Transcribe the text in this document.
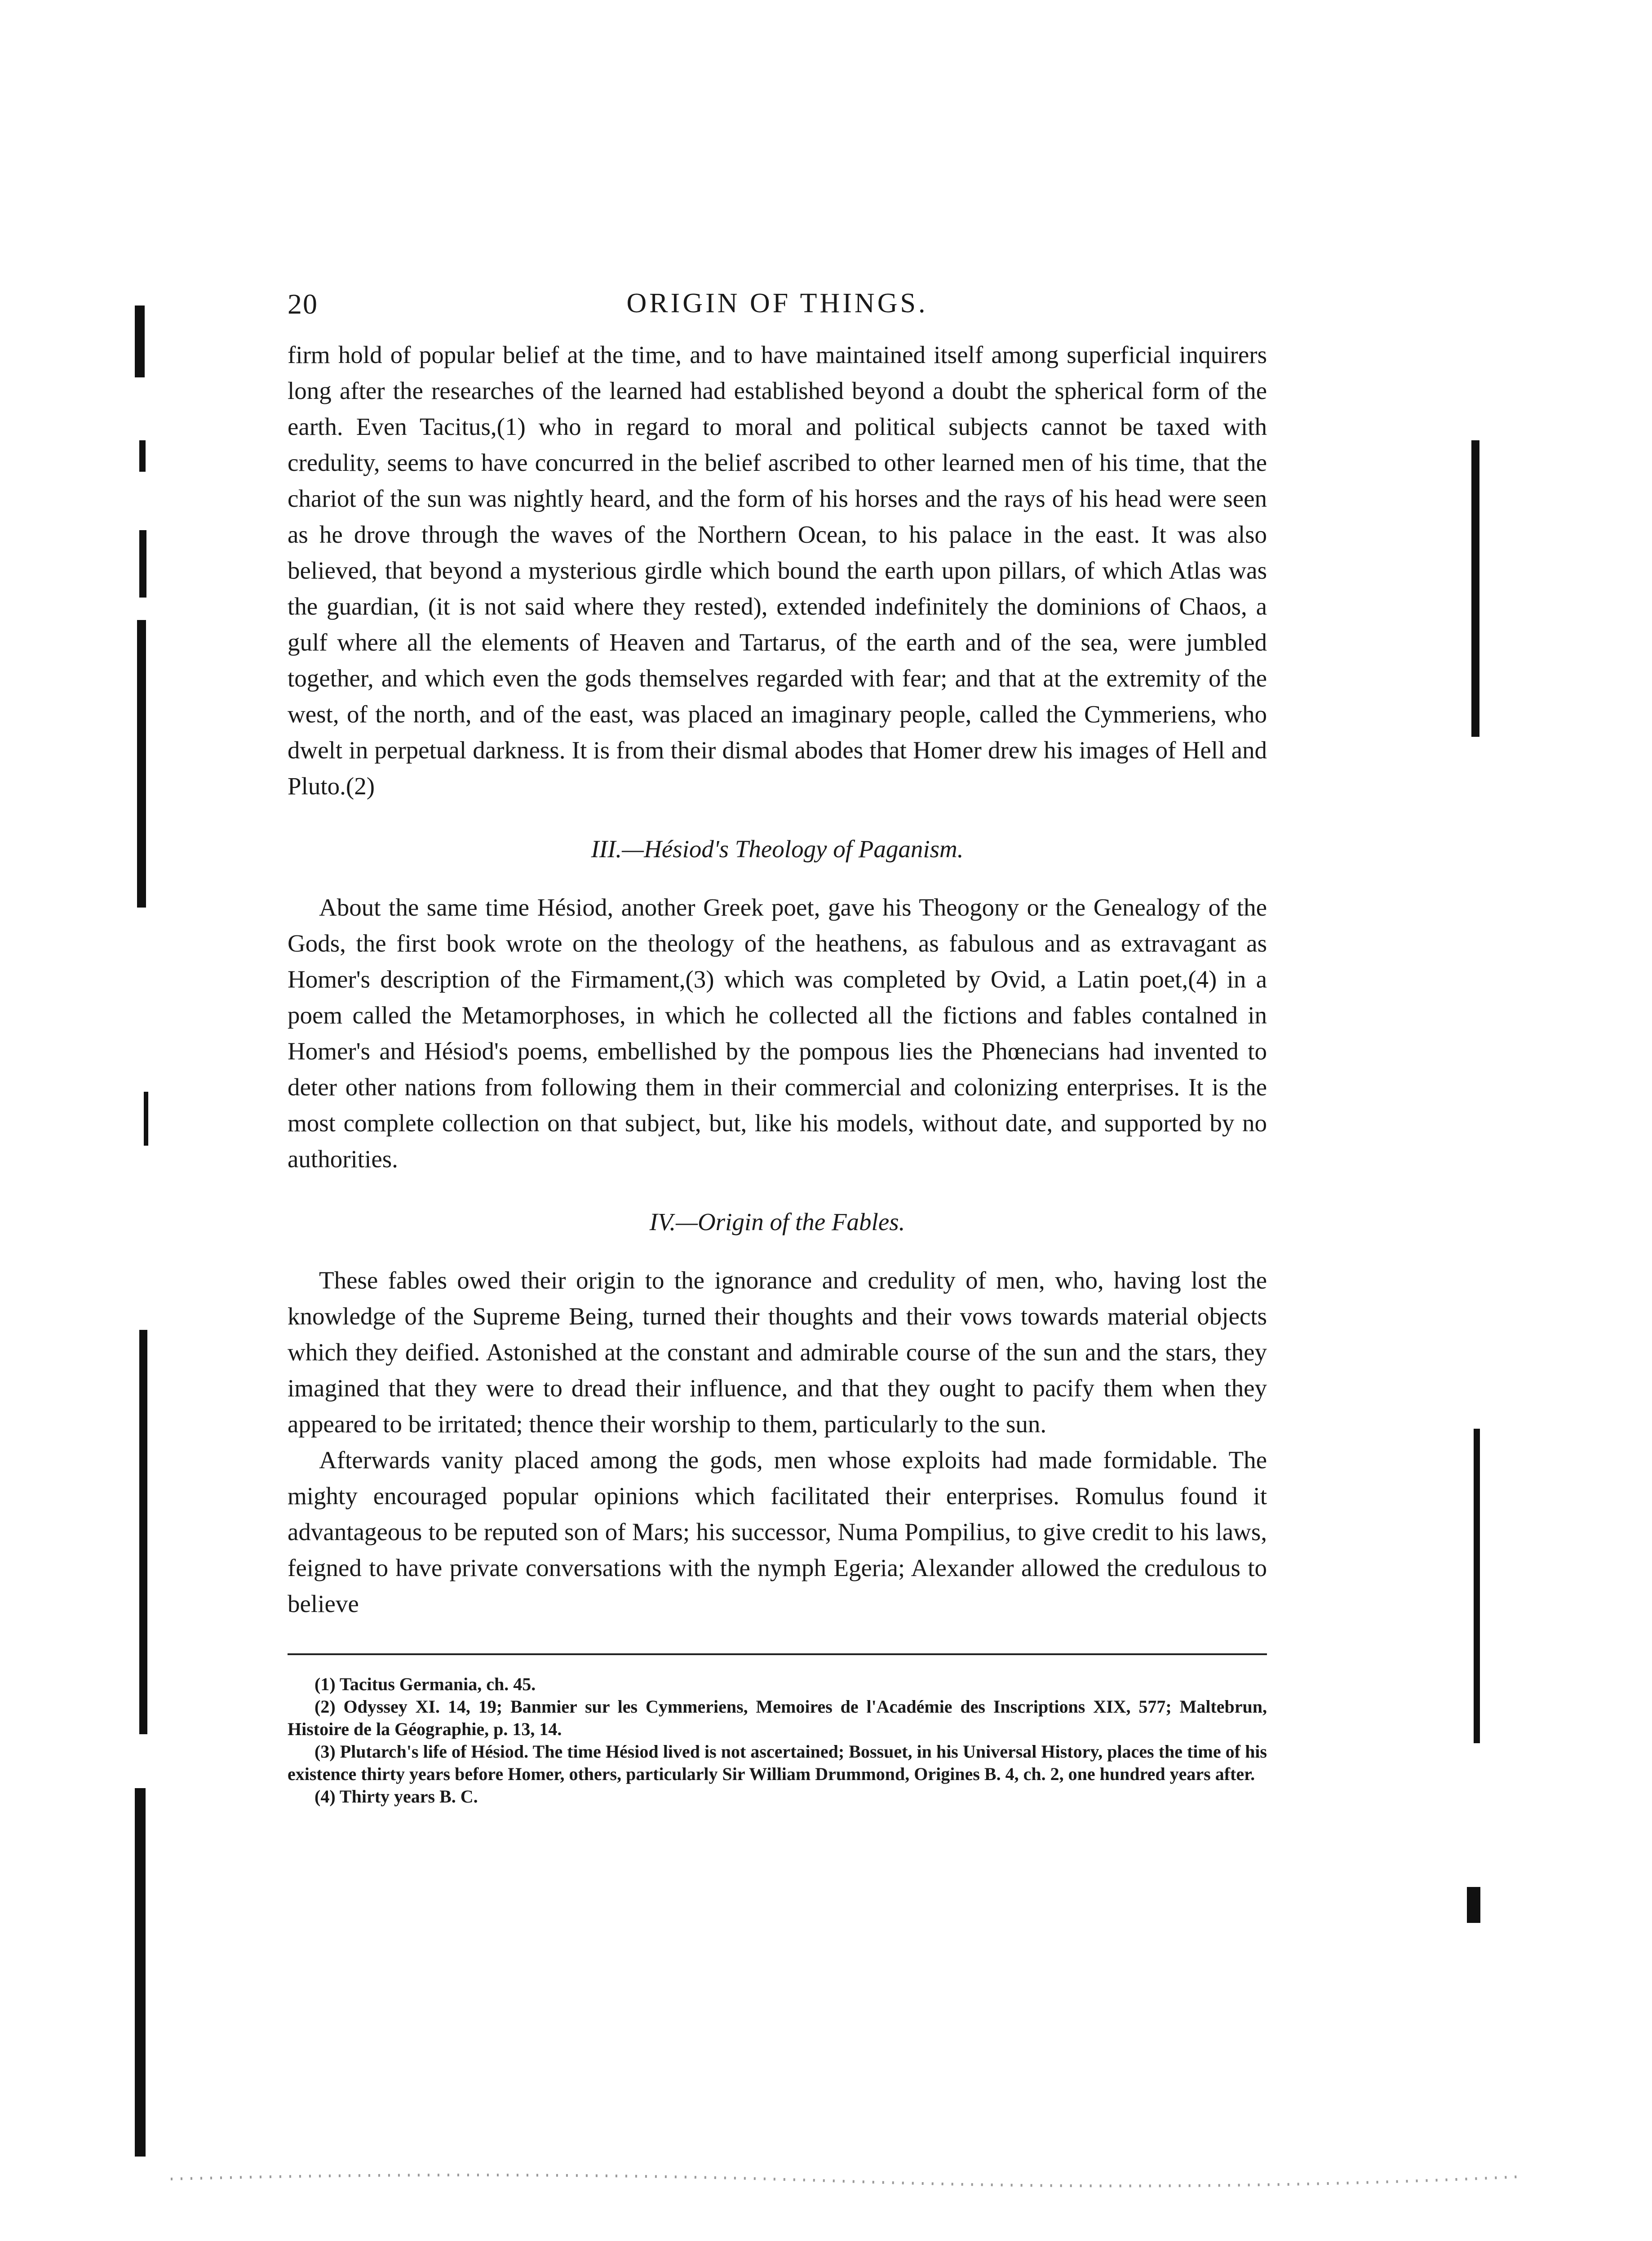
20	ORIGIN OF THINGS.

firm hold of popular belief at the time, and to have maintained itself among superficial inquirers long after the researches of the learned had established beyond a doubt the spherical form of the earth. Even Tacitus,(1) who in regard to moral and political subjects cannot be taxed with credulity, seems to have concurred in the belief ascribed to other learned men of his time, that the chariot of the sun was nightly heard, and the form of his horses and the rays of his head were seen as he drove through the waves of the Northern Ocean, to his palace in the east. It was also believed, that beyond a mysterious girdle which bound the earth upon pillars, of which Atlas was the guardian, (it is not said where they rested), extended indefinitely the dominions of Chaos, a gulf where all the elements of Heaven and Tartarus, of the earth and of the sea, were jumbled together, and which even the gods themselves regarded with fear; and that at the extremity of the west, of the north, and of the east, was placed an imaginary people, called the Cymmeriens, who dwelt in perpetual darkness. It is from their dismal abodes that Homer drew his images of Hell and Pluto.(2)

III.—Hésiod's Theology of Paganism.

About the same time Hésiod, another Greek poet, gave his Theogony or the Genealogy of the Gods, the first book wrote on the theology of the heathens, as fabulous and as extravagant as Homer's description of the Firmament,(3) which was completed by Ovid, a Latin poet,(4) in a poem called the Metamorphoses, in which he collected all the fictions and fables contalned in Homer's and Hésiod's poems, embellished by the pompous lies the Phœnecians had invented to deter other nations from following them in their commercial and colonizing enterprises. It is the most complete collection on that subject, but, like his models, without date, and supported by no authorities.

IV.—Origin of the Fables.

These fables owed their origin to the ignorance and credulity of men, who, having lost the knowledge of the Supreme Being, turned their thoughts and their vows towards material objects which they deified. Astonished at the constant and admirable course of the sun and the stars, they imagined that they were to dread their influence, and that they ought to pacify them when they appeared to be irritated; thence their worship to them, particularly to the sun.

Afterwards vanity placed among the gods, men whose exploits had made formidable. The mighty encouraged popular opinions which facilitated their enterprises. Romulus found it advantageous to be reputed son of Mars; his successor, Numa Pompilius, to give credit to his laws, feigned to have private conversations with the nymph Egeria; Alexander allowed the credulous to believe

(1) Tacitus Germania, ch. 45.

(2) Odyssey XI. 14, 19; Banmier sur les Cymmeriens, Memoires de l'Académie des Inscriptions XIX, 577; Maltebrun, Histoire de la Géographie, p. 13, 14.

(3) Plutarch's life of Hésiod. The time Hésiod lived is not ascertained; Bossuet, in his Universal History, places the time of his existence thirty years before Homer, others, particularly Sir William Drummond, Origines B. 4, ch. 2, one hundred years after.

(4) Thirty years B. C.
